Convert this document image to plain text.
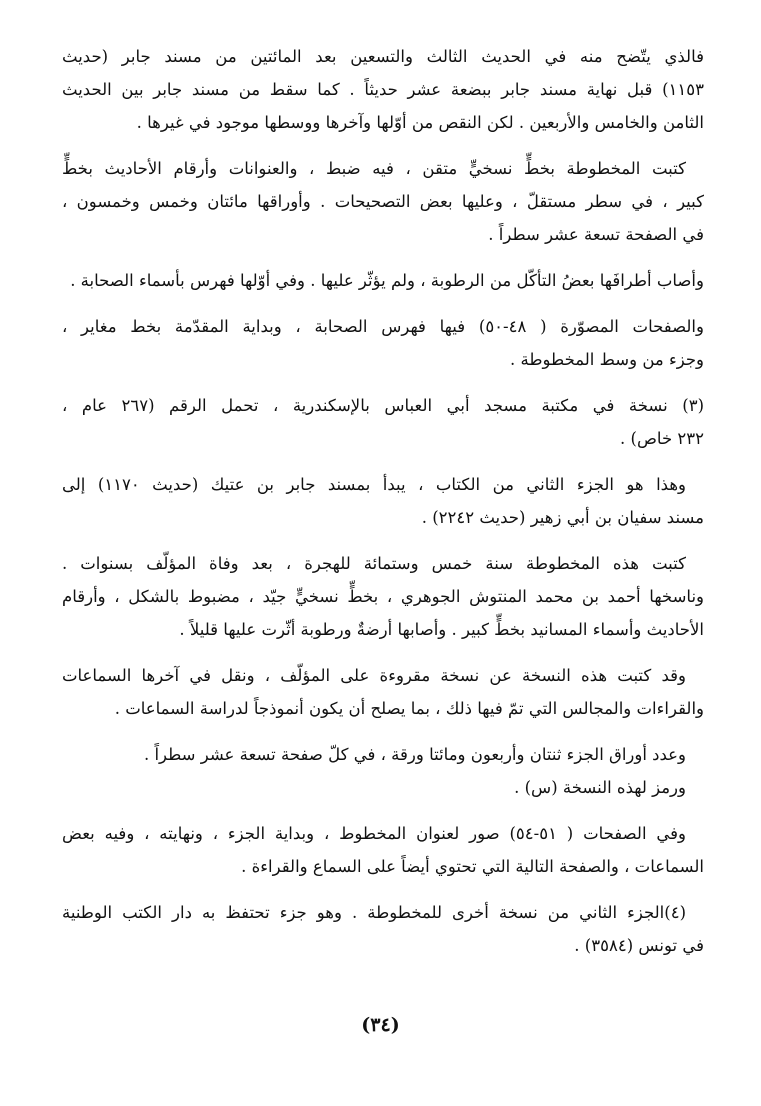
فالذي يتّضح منه في الحديث الثالث والتسعين بعد المائتين من مسند جابر (حديث
١١٥٣) قبل نهاية مسند جابر ببضعة عشر حديثاً . كما سقط من مسند جابر بين الحديث
الثامن والخامس والأربعين . لكن النقص من أوّلها وآخرها ووسطها موجود في غيرها .
كتبت المخطوطة بخطٍّ نسخيٍّ متقن ، فيه ضبط ، والعنوانات وأرقام الأحاديث بخطٍّ
كبير ، في سطر مستقلّ ، وعليها بعض التصحيحات . وأوراقها مائتان وخمس وخمسون ،
في الصفحة تسعة عشر سطراً .
وأصاب أطرافَها بعضُ التأكّل من الرطوبة ، ولم يؤثّر عليها . وفي أوّلها فهرس بأسماء الصحابة .
والصفحات المصوّرة ( ٤٨-٥٠) فيها فهرس الصحابة ، وبداية المقدّمة بخط مغاير ،
وجزء من وسط المخطوطة .
(٣) نسخة في مكتبة مسجد أبي العباس بالإسكندرية ، تحمل الرقم (٢٦٧ عام ،
٢٣٢ خاص) .
وهذا هو الجزء الثاني من الكتاب ، يبدأ بمسند جابر بن عتيك (حديث ١١٧٠) إلى
مسند سفيان بن أبي زهير (حديث ٢٢٤٢) .
كتبت هذه المخطوطة سنة خمس وستمائة للهجرة ، بعد وفاة المؤلّف بسنوات .
وناسخها أحمد بن محمد المنتوش الجوهري ، بخطٍّ نسخيٍّ جيّد ، مضبوط بالشكل ، وأرقام
الأحاديث وأسماء المسانيد بخطٍّ كبير . وأصابها أرضةٌ ورطوبة أثّرت عليها قليلاً .
وقد كتبت هذه النسخة عن نسخة مقروءة على المؤلّف ، ونقل في آخرها السماعات
والقراءات والمجالس التي تمّ فيها ذلك ، بما يصلح أن يكون أنموذجاً لدراسة السماعات .
وعدد أوراق الجزء ثنتان وأربعون ومائتا ورقة ، في كلّ صفحة تسعة عشر سطراً .
ورمز لهذه النسخة (س) .
وفي الصفحات ( ٥١-٥٤) صور لعنوان المخطوط ، وبداية الجزء ، ونهايته ، وفيه بعض
السماعات ، والصفحة التالية التي تحتوي أيضاً على السماع والقراءة .
(٤)الجزء الثاني من نسخة أخرى للمخطوطة . وهو جزء تحتفظ به دار الكتب الوطنية
في تونس (٣٥٨٤) .
(٣٤)
